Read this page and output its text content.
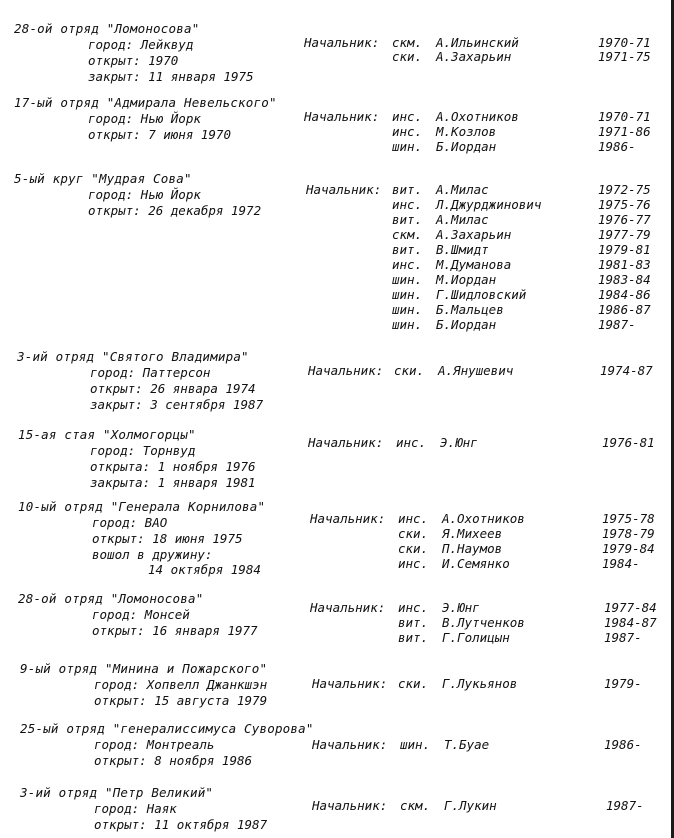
28-ой отряд "Ломоносова"
город: Лейквуд
открыт: 1970
закрыт: 11 января 1975
Начальник: скм. А.Ильинский	1970-71
ски. А.Захарьин	1971-75
17-ый отряд "Адмирала Невельского"
город: Нью Йорк
открыт: 7 июня 1970
Начальник: инс. А.Охотников	1970-71
инс. М.Козлов	1971-86
шин. Б.Иордан	1986-
5-ый круг "Мудрая Сова"
город: Нью Йорк
открыт: 26 декабря 1972
Начальник: вит. А.Милас	1972-75
инс. Л.Джурджинович	1975-76
вит. А.Милас	1976-77
скм. А.Захарьин	1977-79
вит. В.Шмидт	1979-81
инс. М.Думанова	1981-83
шин. М.Иордан	1983-84
шин. Г.Шидловский	1984-86
шин. Б.Мальцев	1986-87
шин. Б.Иордан	1987-
3-ий отряд "Святого Владимира"
город: Паттерсон
открыт: 26 январа 1974
закрыт: 3 сентября 1987
Начальник: ски. А.Янушевич	1974-87
15-ая стая "Холмогорцы"
город: Торнвуд
открыта: 1 ноября 1976
закрыта: 1 января 1981
Начальник: инс. Э.Юнг	1976-81
10-ый отряд "Генерала Корнилова"
город: ВАО
открыт: 18 июня 1975
вошол в дружину:
14 октября 1984
Начальник: инс. А.Охотников	1975-78
ски. Я.Михеев	1978-79
ски. П.Наумов	1979-84
инс. И.Семянко	1984-
28-ой отряд "Ломоносова"
город: Монсей
открыт: 16 января 1977
Начальник: инс. Э.Юнг	1977-84
вит. В.Лутченков	1984-87
вит. Г.Голицын	1987-
9-ый отряд "Минина и Пожарского"
город: Хопвелл Джанкшэн
открыт: 15 августа 1979
Начальник: ски. Г.Лукьянов	1979-
25-ый отряд "генералиссимуса Суворова"
город: Монтреаль
открыт: 8 ноября 1986
Начальник: шин. Т.Буае	1986-
3-ий отряд "Петр Великий"
город: Наяк
открыт: 11 октября 1987
Начальник: скм. Г.Лукин	1987-
